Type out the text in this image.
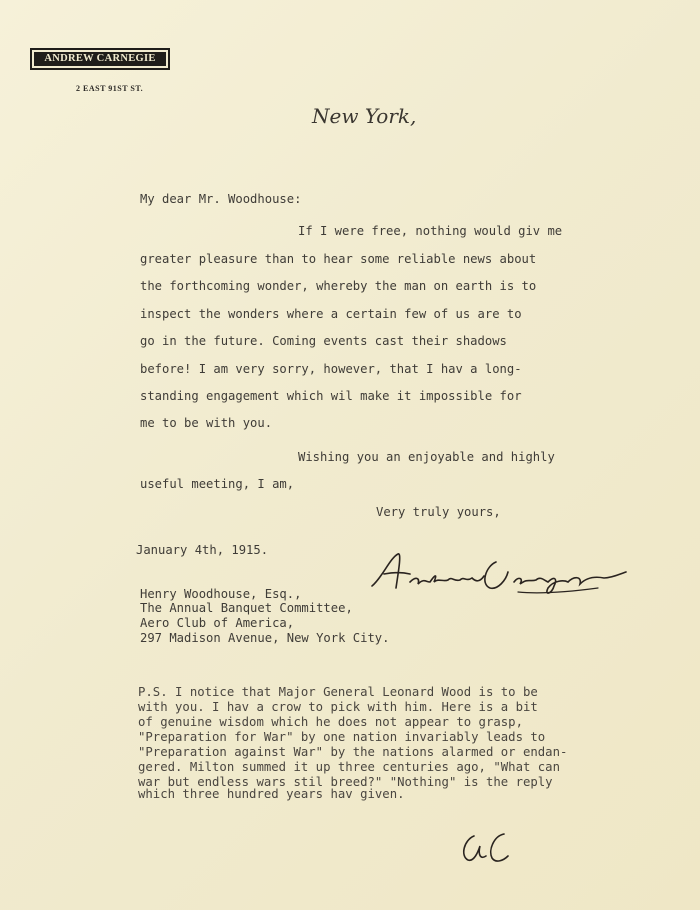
ANDREW CARNEGIE
2 EAST 91ST ST.
New York,
My dear Mr. Woodhouse:
If I were free, nothing would giv me
greater pleasure than to hear some reliable news about
the forthcoming wonder, whereby the man on earth is to
inspect the wonders where a certain few of us are to
go in the future. Coming events cast their shadows
before! I am very sorry, however, that I hav a long-
standing engagement which wil make it impossible for
me to be with you.
Wishing you an enjoyable and highly
useful meeting, I am,
Very truly yours,
January 4th, 1915.
Henry Woodhouse, Esq.,
The Annual Banquet Committee,
Aero Club of America,
297 Madison Avenue, New York City.
P.S. I notice that Major General Leonard Wood is to be
with you. I hav a crow to pick with him. Here is a bit
of genuine wisdom which he does not appear to grasp,
"Preparation for War" by one nation invariably leads to
"Preparation against War" by the nations alarmed or endan-
gered. Milton summed it up three centuries ago, "What can
war but endless wars stil breed?" "Nothing" is the reply
which three hundred years hav given.
